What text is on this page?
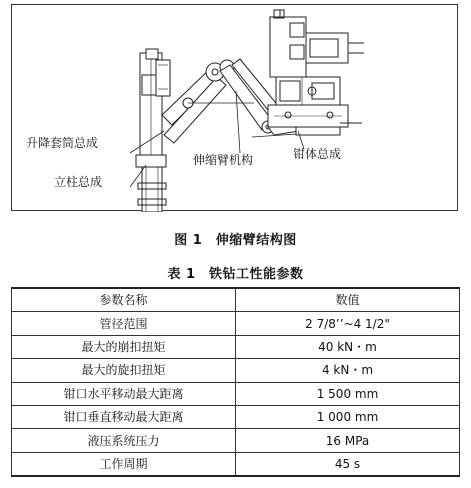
升降套筒总成
立柱总成
伸缩臂机构	钳体总成
图 1　伸缩臂结构图
表 1　铁钻工性能参数
参数名称	数值
管径范围	2 7/8’’~4 1/2"
最大的崩扣扭矩	40 kN・m
最大的旋扣扭矩	4 kN・m
钳口水平移动最大距离	1 500 mm
钳口垂直移动最大距离	1 000 mm
液压系统压力	16 MPa
工作周期	45 s
